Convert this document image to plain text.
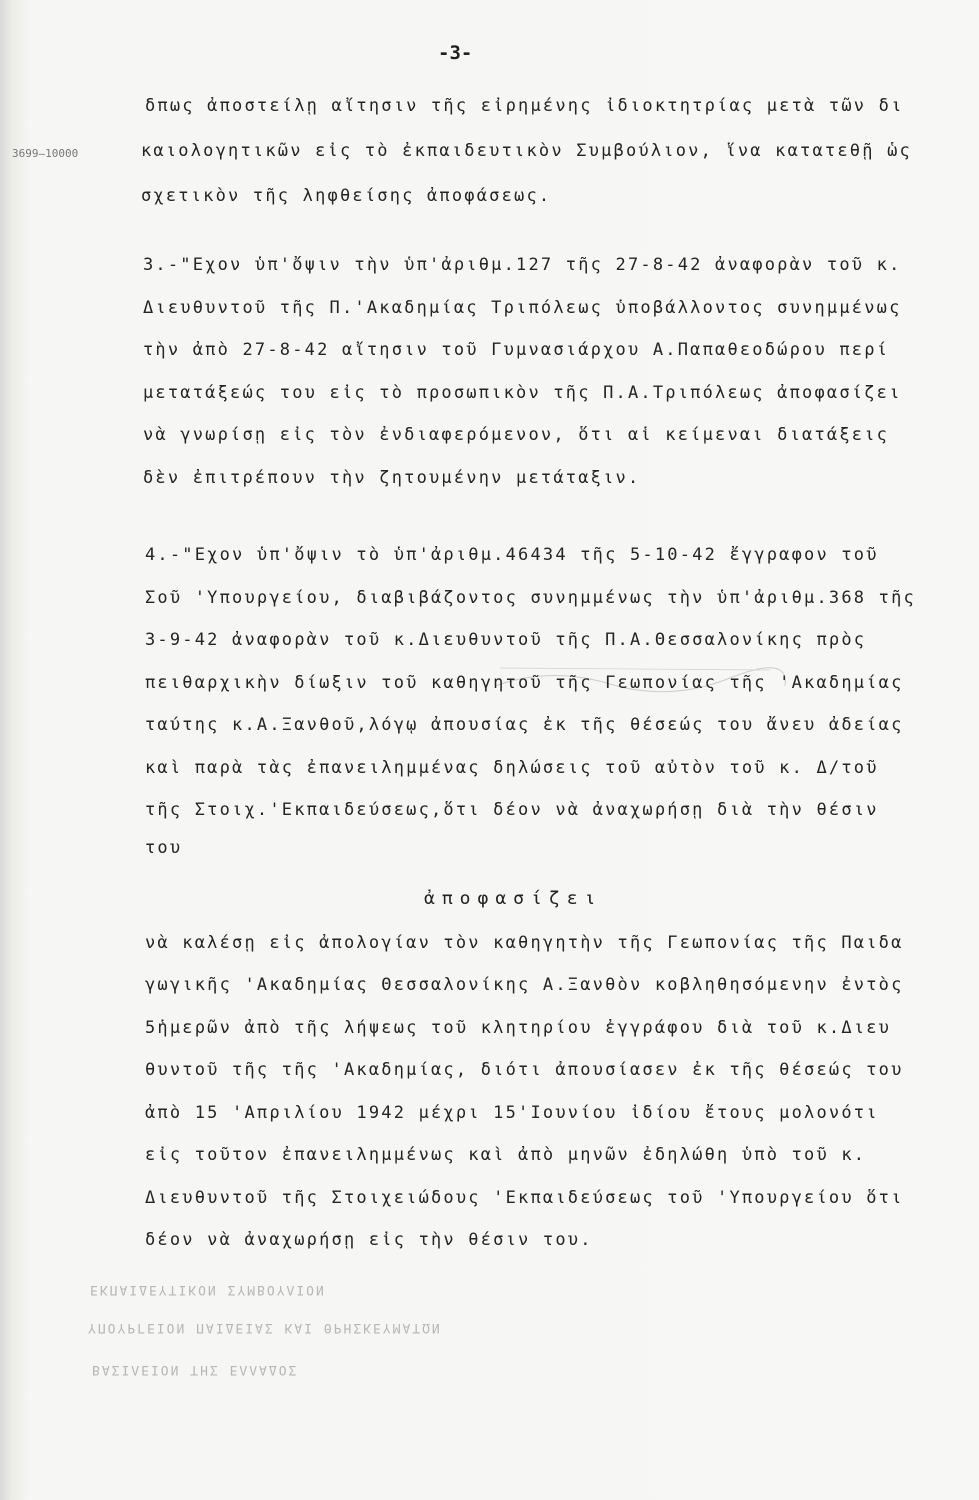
ΒΑΣΙΛΕΙΟΝ ΤΗΣ ΕΛΛΑΔΟΣ
ΥΠΟΥΡΓΕΙΟΝ ΠΑΙΔΕΙΑΣ ΚΑΙ ΘΡΗΣΚΕΥΜΑΤΩΝ
ΕΚΠΑΙΔΕΥΤΙΚΟΝ ΣΥΜΒΟΥΛΙΟΝ
-3-
3699—10000
δπως ἀποστείλῃ αἴτησιν τῆς εἰρημένης ἰδιοκτητρίας μετὰ τῶν δι
καιολογητικῶν εἰς τὸ ἐκπαιδευτικὸν Συμβούλιον, ἵνα κατατεθῇ ὡς
σχετικὸν τῆς ληφθείσης ἀποφάσεως.
3.-"Εχον ὑπ'ὄψιν τὴν ὑπ'ἀριθμ.127 τῆς 27-8-42 ἀναφορὰν τοῦ κ.
Διευθυντοῦ τῆς Π.'Ακαδημίας Τριπόλεως ὑποβάλλοντος συνημμένως
τὴν ἀπὸ 27-8-42 αἴτησιν τοῦ Γυμνασιάρχου Α.Παπαθεοδώρου περί
μετατάξεώς του εἰς τὸ προσωπικὸν τῆς Π.Α.Τριπόλεως ἀποφασίζει
νὰ γνωρίσῃ εἰς τὸν ἐνδιαφερόμενον, ὅτι αἱ κείμεναι διατάξεις
δὲν ἐπιτρέπουν τὴν ζητουμένην μετάταξιν.
4.-"Εχον ὑπ'ὄψιν τὸ ὑπ'ἀριθμ.46434 τῆς 5-10-42 ἔγγραφον τοῦ
Σοῦ 'Υπουργείου, διαβιβάζοντος συνημμένως τὴν ὑπ'ἀριθμ.368 τῆς
3-9-42 ἀναφορὰν τοῦ κ.Διευθυντοῦ τῆς Π.Α.Θεσσαλονίκης πρὸς
πειθαρχικὴν δίωξιν τοῦ καθηγητοῦ τῆς Γεωπονίας τῆς 'Ακαδημίας
ταύτης κ.Α.Ξανθοῦ,λόγῳ ἀπουσίας ἐκ τῆς θέσεώς του ἄνευ ἀδείας
καὶ παρὰ τὰς ἐπανειλημμένας δηλώσεις τοῦ αὐτὸν τοῦ κ. Δ/τοῦ
τῆς Στοιχ.'Εκπαιδεύσεως,ὅτι δέον νὰ ἀναχωρήσῃ διὰ τὴν θέσιν
του
ἀποφασίζει
νὰ καλέσῃ εἰς ἀπολογίαν τὸν καθηγητὴν τῆς Γεωπονίας τῆς Παιδα
γωγικῆς 'Ακαδημίας Θεσσαλονίκης Α.Ξανθὸν κοβληθησόμενην ἐντὸς
5ἡμερῶν ἀπὸ τῆς λήψεως τοῦ κλητηρίου ἐγγράφου διὰ τοῦ κ.Διευ
θυντοῦ τῆς τῆς 'Ακαδημίας, διότι ἀπουσίασεν ἐκ τῆς θέσεώς του
ἀπὸ 15 'Απριλίου 1942 μέχρι 15'Ιουνίου ἰδίου ἔτους μολονότι
εἰς τοῦτον ἐπανειλημμένως καὶ ἀπὸ μηνῶν ἐδηλώθη ὑπὸ τοῦ κ.
Διευθυντοῦ τῆς Στοιχειώδους 'Εκπαιδεύσεως τοῦ 'Υπουργείου ὅτι
δέον νὰ ἀναχωρήσῃ εἰς τὴν θέσιν του.
